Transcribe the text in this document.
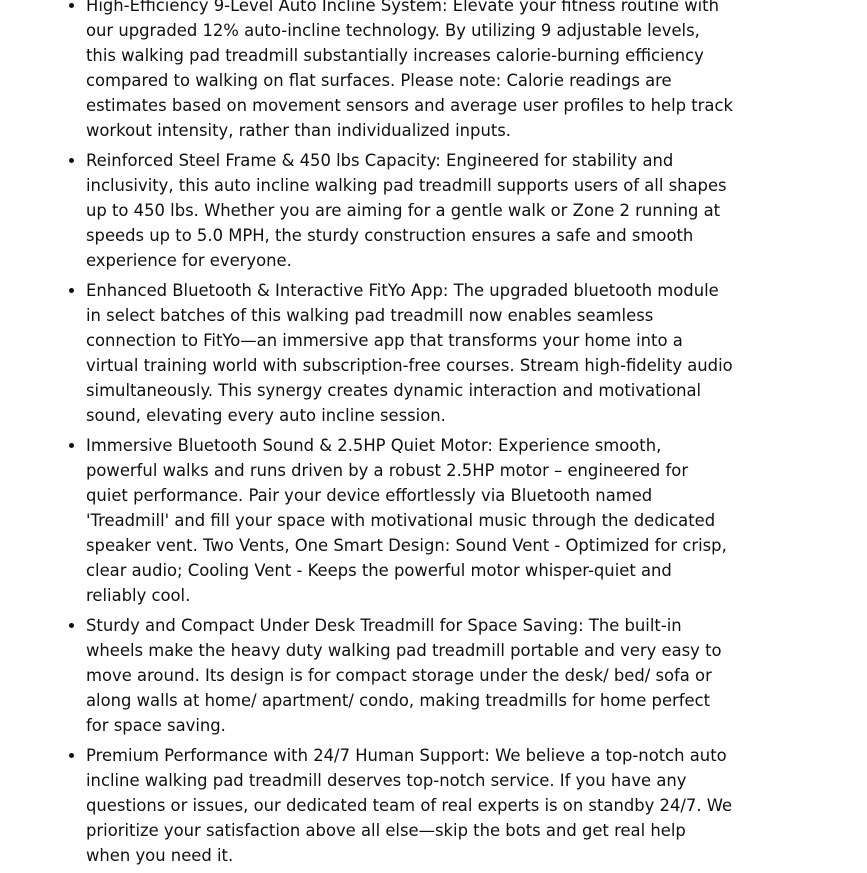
High-Efficiency 9-Level Auto Incline System: Elevate your fitness routine with our upgraded 12% auto-incline technology. By utilizing 9 adjustable levels, this walking pad treadmill substantially increases calorie-burning efficiency compared to walking on flat surfaces. Please note: Calorie readings are estimates based on movement sensors and average user profiles to help track workout intensity, rather than individualized inputs.
Reinforced Steel Frame & 450 lbs Capacity: Engineered for stability and inclusivity, this auto incline walking pad treadmill supports users of all shapes up to 450 lbs. Whether you are aiming for a gentle walk or Zone 2 running at speeds up to 5.0 MPH, the sturdy construction ensures a safe and smooth experience for everyone.
Enhanced Bluetooth & Interactive FitYo App: The upgraded bluetooth module in select batches of this walking pad treadmill now enables seamless connection to FitYo—an immersive app that transforms your home into a virtual training world with subscription-free courses. Stream high-fidelity audio simultaneously. This synergy creates dynamic interaction and motivational sound, elevating every auto incline session.
Immersive Bluetooth Sound & 2.5HP Quiet Motor: Experience smooth, powerful walks and runs driven by a robust 2.5HP motor – engineered for quiet performance. Pair your device effortlessly via Bluetooth named 'Treadmill' and fill your space with motivational music through the dedicated speaker vent. Two Vents, One Smart Design: Sound Vent - Optimized for crisp, clear audio; Cooling Vent - Keeps the powerful motor whisper-quiet and reliably cool.
Sturdy and Compact Under Desk Treadmill for Space Saving: The built-in wheels make the heavy duty walking pad treadmill portable and very easy to move around. Its design is for compact storage under the desk/ bed/ sofa or along walls at home/ apartment/ condo, making treadmills for home perfect for space saving.
Premium Performance with 24/7 Human Support: We believe a top-notch auto incline walking pad treadmill deserves top-notch service. If you have any questions or issues, our dedicated team of real experts is on standby 24/7. We prioritize your satisfaction above all else—skip the bots and get real help when you need it.
